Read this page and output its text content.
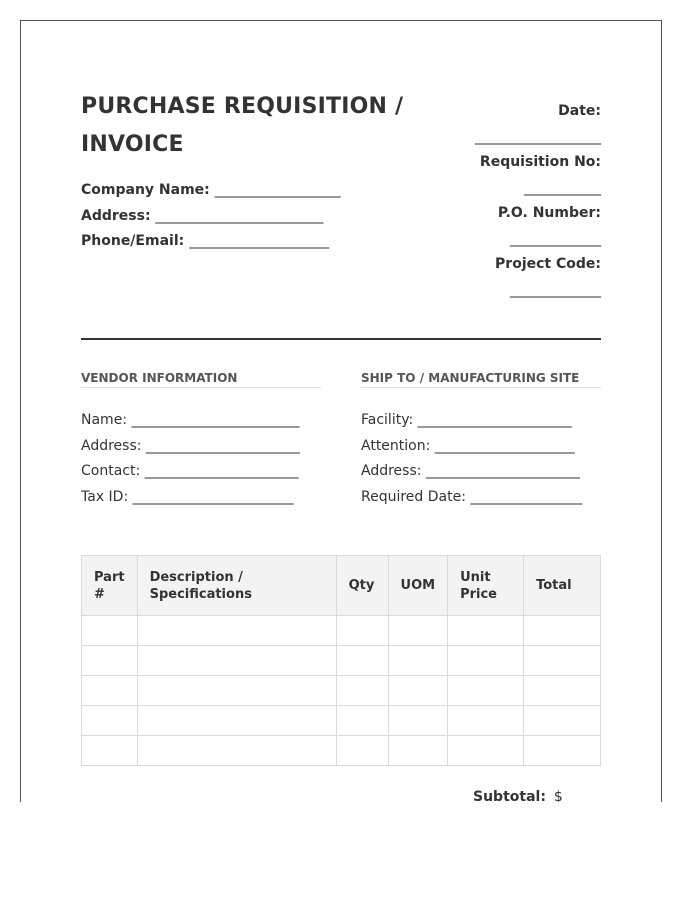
PURCHASE REQUISITION / INVOICE
Company Name: __________________
Address: ________________________
Phone/Email: ____________________
Date:
__________________
Requisition No:
___________
P.O. Number:
_____________
Project Code:
_____________
VENDOR INFORMATION
Name: ________________________
Address: ______________________
Contact: ______________________
Tax ID: _______________________
SHIP TO / MANUFACTURING SITE
Facility: ______________________
Attention: ____________________
Address: ______________________
Required Date: ________________
Part #	Description / Specifications	Qty	UOM	Unit Price	Total

Subtotal: $
